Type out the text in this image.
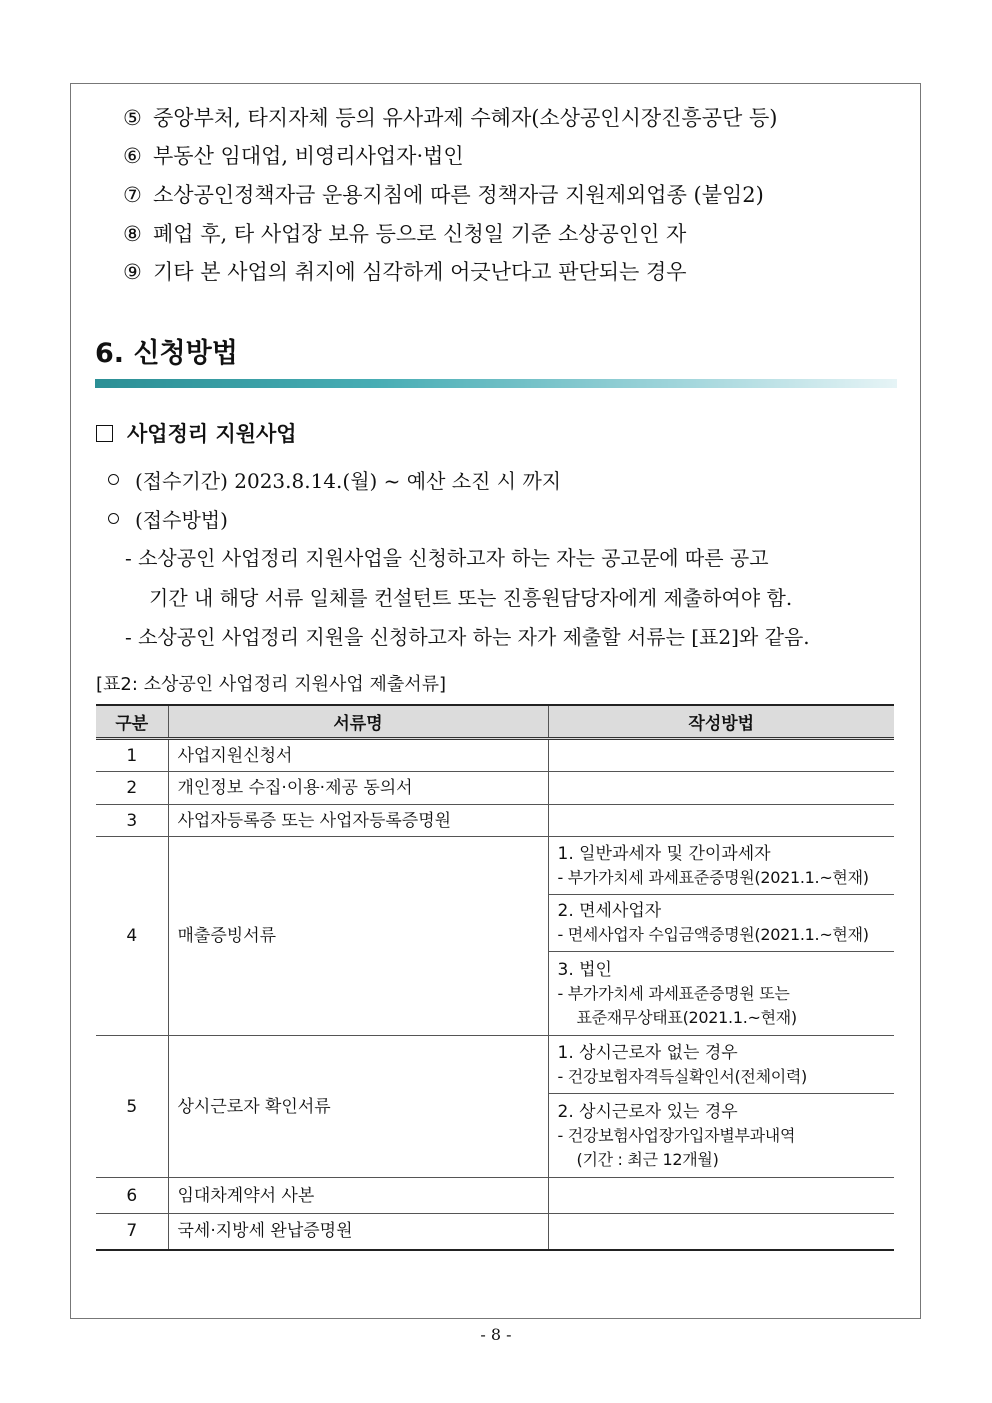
⑤ 중앙부처, 타지자체 등의 유사과제 수혜자(소상공인시장진흥공단 등)
⑥ 부동산 임대업, 비영리사업자·법인
⑦ 소상공인정책자금 운용지침에 따른 정책자금 지원제외업종 (붙임2)
⑧ 폐업 후, 타 사업장 보유 등으로 신청일 기준 소상공인인 자
⑨ 기타 본 사업의 취지에 심각하게 어긋난다고 판단되는 경우
6. 신청방법
사업정리 지원사업
(접수기간) 2023.8.14.(월) ~ 예산 소진 시 까지
(접수방법)
- 소상공인 사업정리 지원사업을 신청하고자 하는 자는 공고문에 따른 공고
기간 내 해당 서류 일체를 컨설턴트 또는 진흥원담당자에게 제출하여야 함.
- 소상공인 사업정리 지원을 신청하고자 하는 자가 제출할 서류는 [표2]와 같음.
[표2: 소상공인 사업정리 지원사업 제출서류]
구분	서류명	작성방법
1	사업지원신청서	
2	개인정보 수집·이용·제공 동의서	
3	사업자등록증 또는 사업자등록증명원	
4	매출증빙서류	1. 일반과세자 및 간이과세자
- 부가가치세 과세표준증명원(2021.1.~현재)

		2. 면세사업자
- 면세사업자 수입금액증명원(2021.1.~현재)

		3. 법인
- 부가가치세 과세표준증명원 또는
표준재무상태표(2021.1.~현재)

5	상시근로자 확인서류	1. 상시근로자 없는 경우
- 건강보험자격득실확인서(전체이력)

		2. 상시근로자 있는 경우
- 건강보험사업장가입자별부과내역
(기간 : 최근 12개월)

6	임대차계약서 사본	
7	국세·지방세 완납증명원	
- 8 -
